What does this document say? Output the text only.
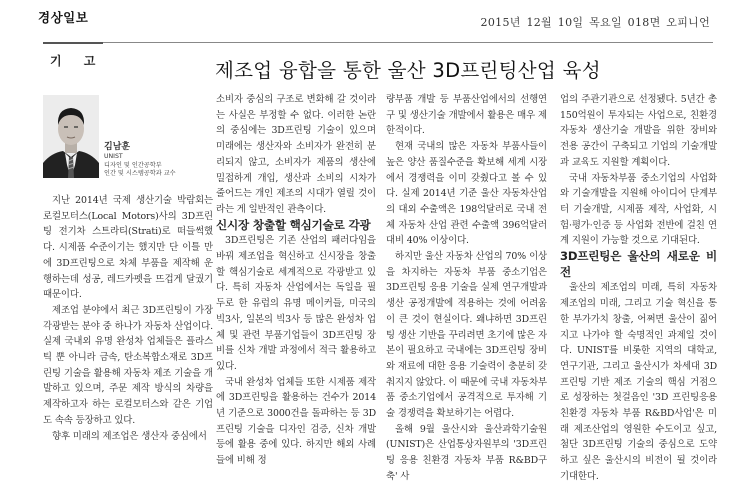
경상일보	2015년 12월 10일 목요일 018면 오피니언
기 고	제조업 융합을 통한 울산 3D프린팅산업 육성
김남훈
UNIST
디자인 및 인간공학부
인간 및 시스템공학과 교수

지난 2014년 국제 생산기술 박람회는 로컬모터스(Local Motors)사의 3D프린팅 전기차 스트라티(Strati)로 떠들썩했다. 시제품 수준이기는 했지만 단 이틀 만에 3D프린팅으로 차체 부품을 제작해 운행하는데 성공, 레드카펫을 뜨겁게 달궜기 때문이다.

제조업 분야에서 최근 3D프린팅이 가장 각광받는 분야 중 하나가 자동차 산업이다. 실제 국내외 유명 완성차 업체들은 플라스틱 뿐 아니라 금속, 탄소복합소재로 3D프린팅 기술을 활용해 자동차 제조 기술을 개발하고 있으며, 주문 제작 방식의 차량을 제작하고자 하는 로컬모터스와 같은 기업도 속속 등장하고 있다.

향후 미래의 제조업은 생산자 중심에서

소비자 중심의 구조로 변화해 갈 것이라는 사실은 부정할 수 없다. 이러한 논란의 중심에는 3D프린팅 기술이 있으며 미래에는 생산자와 소비자가 완전히 분리되지 않고, 소비자가 제품의 생산에 밀접하게 개입, 생산과 소비의 시차가 줄어드는 개인 제조의 시대가 열릴 것이라는 게 일반적인 관측이다.

신시장 창출할 핵심기술로 각광

3D프린팅은 기존 산업의 패러다임을 바꿔 제조업을 혁신하고 신시장을 창출할 핵심기술로 세계적으로 각광받고 있다. 특히 자동차 산업에서는 독일을 필두로 한 유럽의 유명 메이커들, 미국의 빅3사, 일본의 빅3사 등 많은 완성차 업체 및 관련 부품기업들이 3D프린팅 장비를 신차 개발 과정에서 적극 활용하고 있다.

국내 완성차 업체들 또한 시제품 제작에 3D프린팅을 활용하는 건수가 2014년 기준으로 3000건을 돌파하는 등 3D프린팅 기술을 디자인 검증, 신차 개발 등에 활용 중에 있다. 하지만 해외 사례들에 비해 정

량부품 개발 등 부품산업에서의 선행연구 및 생산기술 개발에서 활용은 매우 제한적이다.

현재 국내의 많은 자동차 부품사들이 높은 양산 품질수준을 확보해 세계 시장에서 경쟁력을 이미 갖췄다고 볼 수 있다. 실제 2014년 기준 울산 자동차산업의 대외 수출액은 198억달러로 국내 전체 자동차 산업 관련 수출액 396억달러 대비 40% 이상이다.

하지만 울산 자동차 산업의 70% 이상을 차지하는 자동차 부품 중소기업은 3D프린팅 응용 기술을 실제 연구개발과 생산 공정개발에 적용하는 것에 어려움이 큰 것이 현실이다. 왜냐하면 3D프린팅 생산 기반을 꾸리려면 초기에 많은 자본이 필요하고 국내에는 3D프린팅 장비와 재료에 대한 응용 기술력이 충분히 갖춰지지 않았다. 이 때문에 국내 자동차부품 중소기업에서 공격적으로 투자해 기술 경쟁력을 확보하기는 어렵다.

올해 9월 울산시와 울산과학기술원(UNIST)은 산업통상자원부의 '3D프린팅 응용 친환경 자동차 부품 R&BD구축' 사

업의 주관기관으로 선정됐다. 5년간 총 150억원이 투자되는 사업으로, 친환경 자동차 생산기술 개발을 위한 장비와 전용 공간이 구축되고 기업의 기술개발과 교육도 지원할 계획이다.

국내 자동차부품 중소기업의 사업화와 기술개발을 지원해 아이디어 단계부터 기술개발, 시제품 제작, 사업화, 시험·평가·인증 등 사업화 전반에 걸친 연계 지원이 가능할 것으로 기대된다.

3D프린팅은 울산의 새로운 비전

울산의 제조업의 미래, 특히 자동차 제조업의 미래, 그리고 기술 혁신을 통한 부가가치 창출, 어쩌면 울산이 짊어지고 나가야 할 숙명적인 과제일 것이다. UNIST를 비롯한 지역의 대학교, 연구기관, 그리고 울산시가 차세대 3D프린팅 기반 제조 기술의 핵심 거점으로 성장하는 첫걸음인 '3D 프린팅응용 친환경 자동차 부품 R&BD사업'은 미래 제조산업의 영원한 수도이고 싶고, 첨단 3D프린팅 기술의 중심으로 도약하고 싶은 울산시의 비전이 될 것이라 기대한다.
